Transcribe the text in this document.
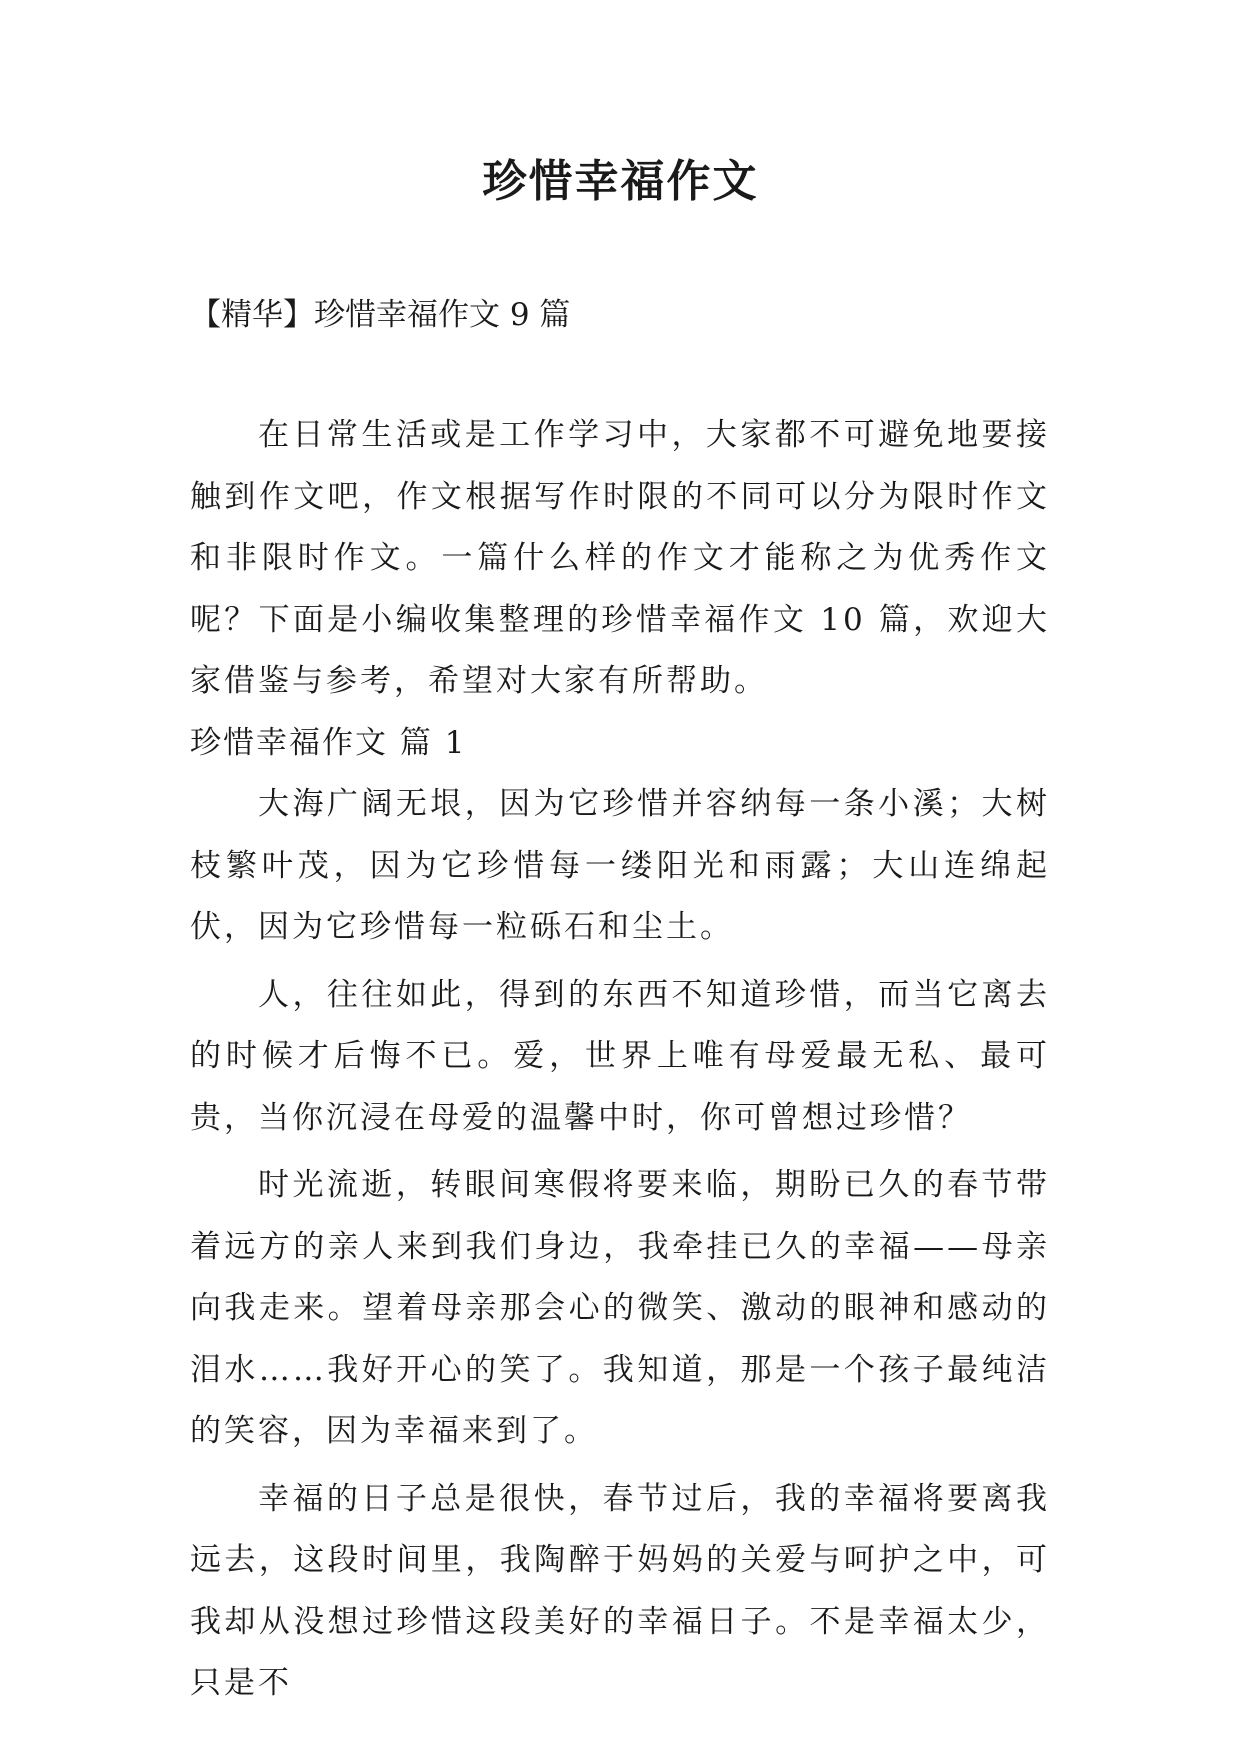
珍惜幸福作文
【精华】珍惜幸福作文 9 篇

在日常生活或是工作学习中，大家都不可避免地要接触到作文吧，作文根据写作时限的不同可以分为限时作文和非限时作文。一篇什么样的作文才能称之为优秀作文呢？下面是小编收集整理的珍惜幸福作文 10 篇，欢迎大家借鉴与参考，希望对大家有所帮助。

珍惜幸福作文 篇 1

大海广阔无垠，因为它珍惜并容纳每一条小溪；大树枝繁叶茂，因为它珍惜每一缕阳光和雨露；大山连绵起伏，因为它珍惜每一粒砾石和尘土。

人，往往如此，得到的东西不知道珍惜，而当它离去的时候才后悔不已。爱，世界上唯有母爱最无私、最可贵，当你沉浸在母爱的温馨中时，你可曾想过珍惜？

时光流逝，转眼间寒假将要来临，期盼已久的春节带着远方的亲人来到我们身边，我牵挂已久的幸福——母亲向我走来。望着母亲那会心的微笑、激动的眼神和感动的泪水……我好开心的笑了。我知道，那是一个孩子最纯洁的笑容，因为幸福来到了。

幸福的日子总是很快，春节过后，我的幸福将要离我远去，这段时间里，我陶醉于妈妈的关爱与呵护之中，可我却从没想过珍惜这段美好的幸福日子。不是幸福太少，只是不
